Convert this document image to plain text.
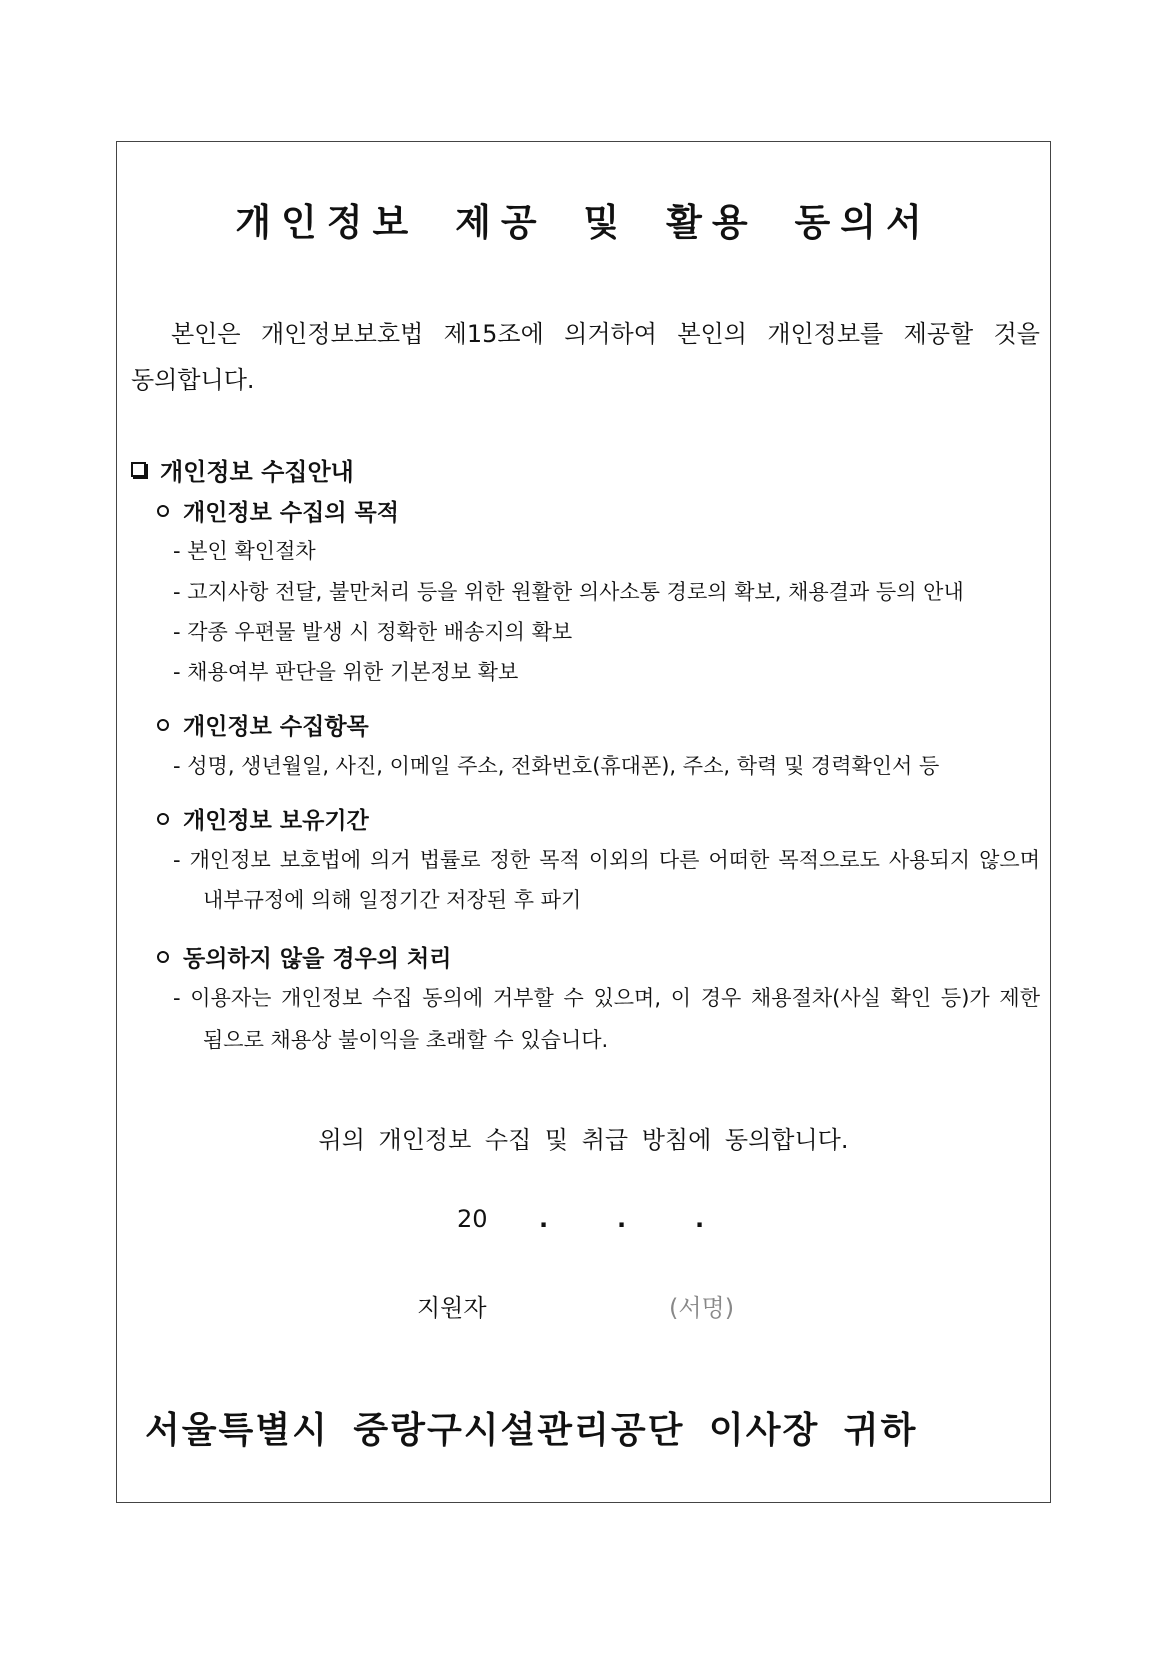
개인정보 제공 및 활용 동의서
본인은 개인정보보호법 제15조에 의거하여 본인의 개인정보를 제공할 것을
동의합니다.
개인정보 수집안내
개인정보 수집의 목적
- 본인 확인절차
- 고지사항 전달, 불만처리 등을 위한 원활한 의사소통 경로의 확보, 채용결과 등의 안내
- 각종 우편물 발생 시 정확한 배송지의 확보
- 채용여부 판단을 위한 기본정보 확보
개인정보 수집항목
- 성명, 생년월일, 사진, 이메일 주소, 전화번호(휴대폰), 주소, 학력 및 경력확인서 등
개인정보 보유기간
- 개인정보 보호법에 의거 법률로 정한 목적 이외의 다른 어떠한 목적으로도 사용되지 않으며
내부규정에 의해 일정기간 저장된 후 파기
동의하지 않을 경우의 처리
- 이용자는 개인정보 수집 동의에 거부할 수 있으며, 이 경우 채용절차(사실 확인 등)가 제한
됨으로 채용상 불이익을 초래할 수 있습니다.
위의 개인정보 수집 및 취급 방침에 동의합니다.
20	.	.	.
지원자	(서명)
서울특별시 중랑구시설관리공단 이사장 귀하
